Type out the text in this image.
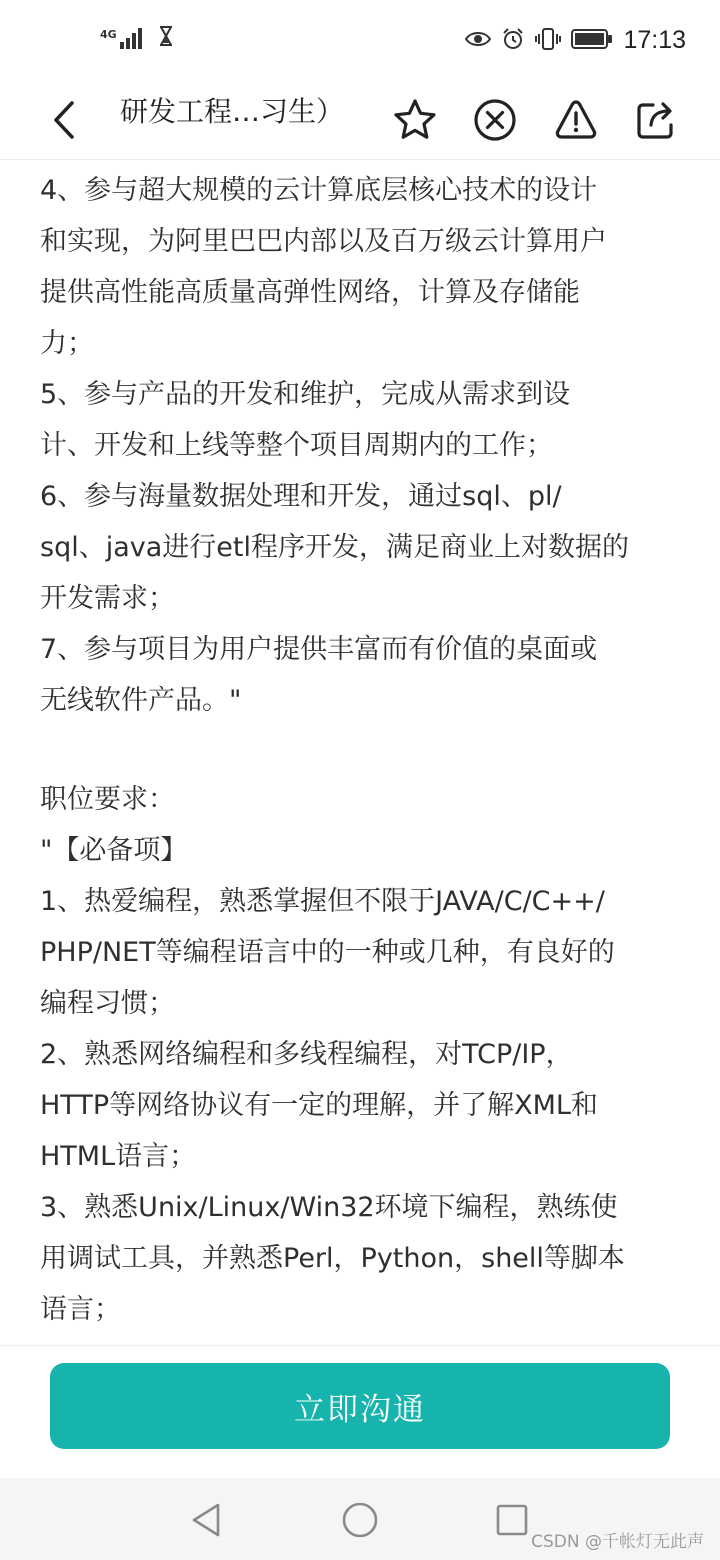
4G	17:13
研发工程…习生）
4、参与超大规模的云计算底层核心技术的设计
和实现，为阿里巴巴内部以及百万级云计算用户
提供高性能高质量高弹性网络，计算及存储能
力；
5、参与产品的开发和维护，完成从需求到设
计、开发和上线等整个项目周期内的工作；
6、参与海量数据处理和开发，通过sql、pl/
sql、java进行etl程序开发，满足商业上对数据的
开发需求；
7、参与项目为用户提供丰富而有价值的桌面或
无线软件产品。"
职位要求：
"【必备项】
1、热爱编程，熟悉掌握但不限于JAVA/C/C++/
PHP/NET等编程语言中的一种或几种，有良好的
编程习惯；
2、熟悉网络编程和多线程编程，对TCP/IP，
HTTP等网络协议有一定的理解，并了解XML和
HTML语言；
3、熟悉Unix/Linux/Win32环境下编程，熟练使
用调试工具，并熟悉Perl，Python，shell等脚本
语言；
立即沟通
CSDN @千帐灯无此声
